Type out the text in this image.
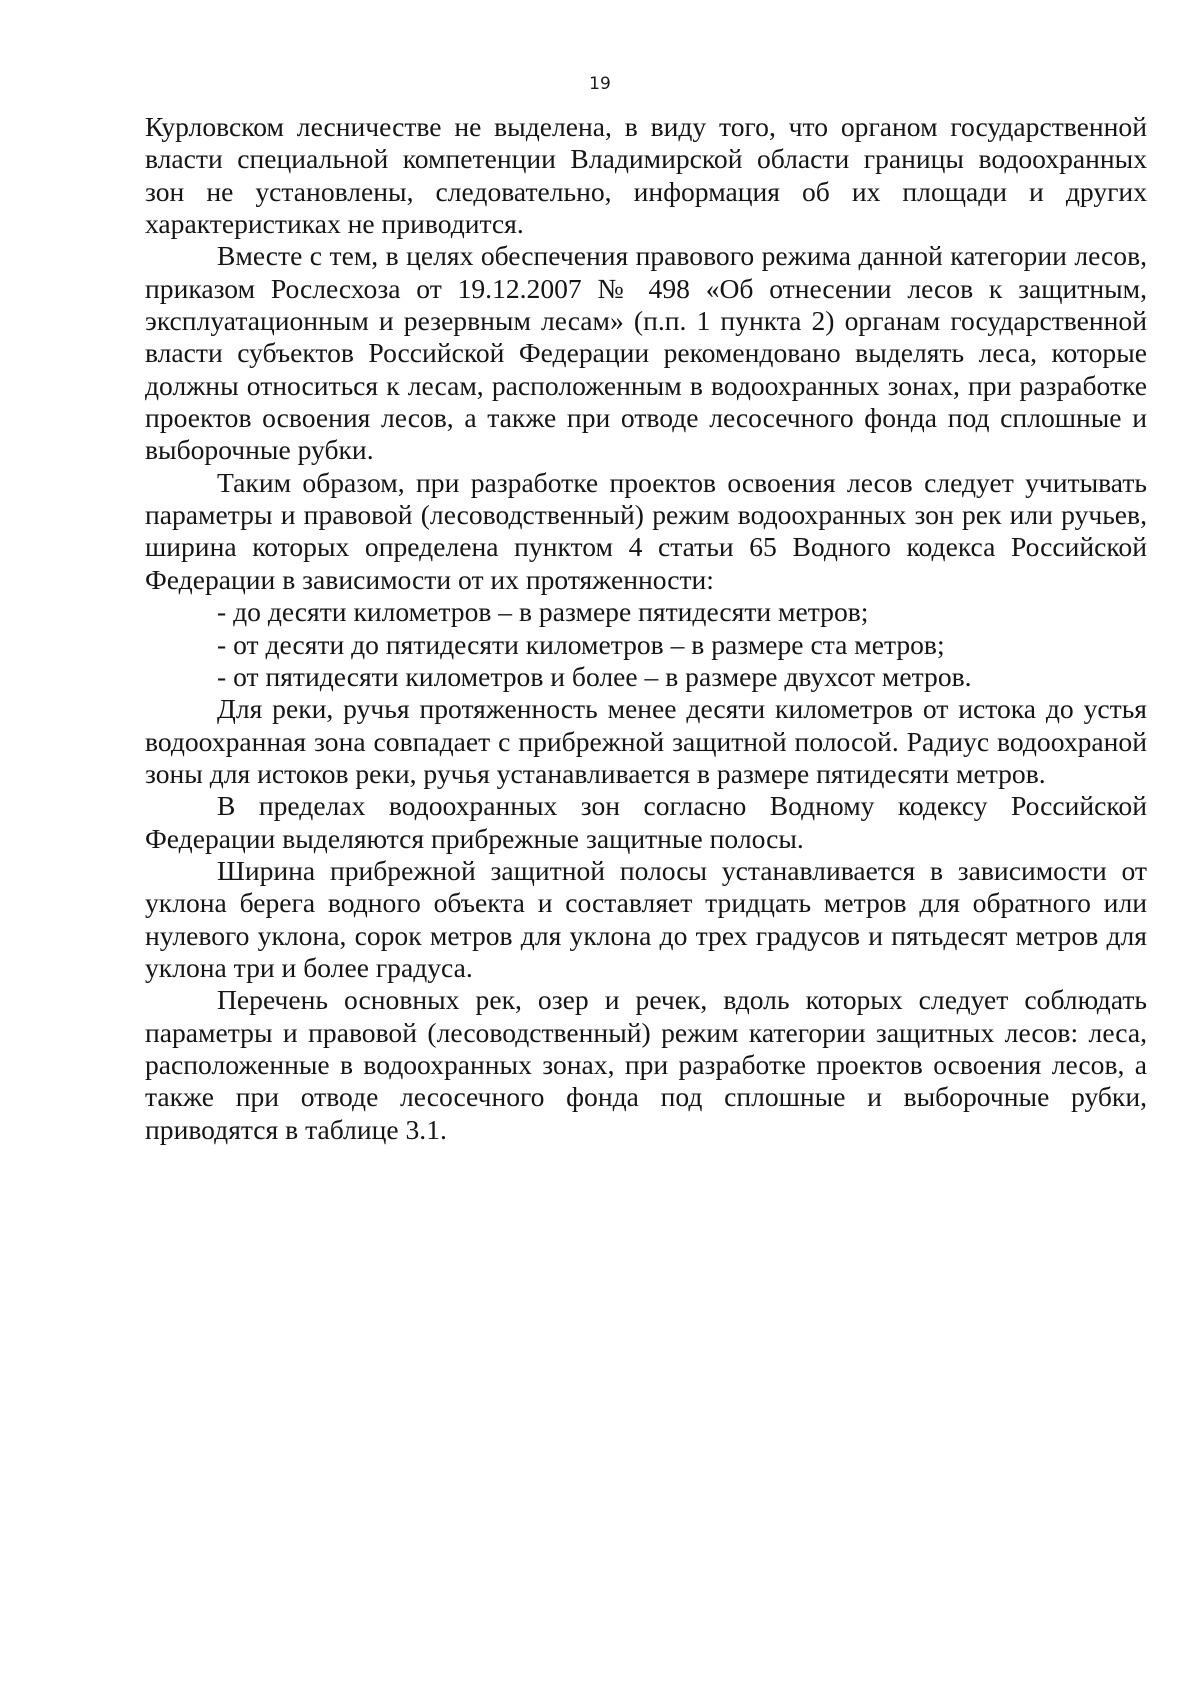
19

Курловском лесничестве не выделена, в виду того, что органом государственной власти специальной компетенции Владимирской области границы водоохранных зон не установлены, следовательно, информация об их площади и других характеристиках не приводится.

Вместе с тем, в целях обеспечения правового режима данной категории лесов, приказом Рослесхоза от 19.12.2007 № 498 «Об отнесении лесов к защитным, эксплуатационным и резервным лесам» (п.п. 1 пункта 2) органам государственной власти субъектов Российской Федерации рекомендовано выделять леса, которые должны относиться к лесам, расположенным в водоохранных зонах, при разработке проектов освоения лесов, а также при отводе лесосечного фонда под сплошные и выборочные рубки.

Таким образом, при разработке проектов освоения лесов следует учитывать параметры и правовой (лесоводственный) режим водоохранных зон рек или ручьев, ширина которых определена пунктом 4 статьи 65 Водного кодекса Российской Федерации в зависимости от их протяженности:

- до десяти километров – в размере пятидесяти метров;

- от десяти до пятидесяти километров – в размере ста метров;

- от пятидесяти километров и более – в размере двухсот метров.

Для реки, ручья протяженность менее десяти километров от истока до устья водоохранная зона совпадает с прибрежной защитной полосой. Радиус водоохраной зоны для истоков реки, ручья устанавливается в размере пятидесяти метров.

В пределах водоохранных зон согласно Водному кодексу Российской Федерации выделяются прибрежные защитные полосы.

Ширина прибрежной защитной полосы устанавливается в зависимости от уклона берега водного объекта и составляет тридцать метров для обратного или нулевого уклона, сорок метров для уклона до трех градусов и пятьдесят метров для уклона три и более градуса.

Перечень основных рек, озер и речек, вдоль которых следует соблюдать параметры и правовой (лесоводственный) режим категории защитных лесов: леса, расположенные в водоохранных зонах, при разработке проектов освоения лесов, а также при отводе лесосечного фонда под сплошные и выборочные рубки, приводятся в таблице 3.1.
